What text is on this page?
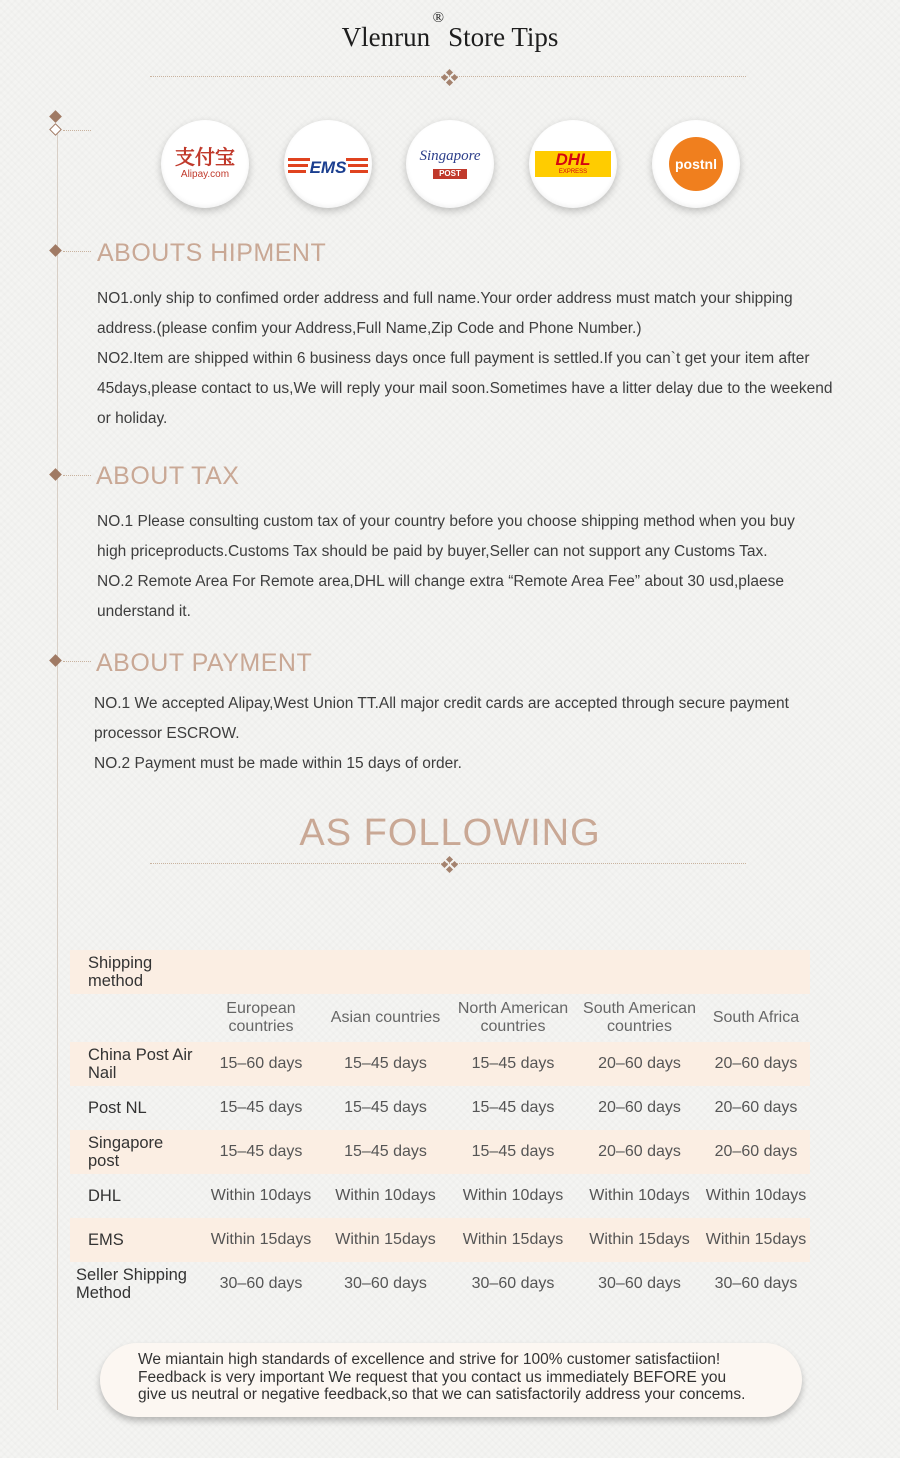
Vlenrun
®
Store Tips
支付宝
Alipay.com	EMS
Singapore
POST
DHL
EXPRESS	postnl
ABOUTS HIPMENT
NO1.only ship to confimed order address and full name.Your order address must match your shipping
address.(please confim your Address,Full Name,Zip Code and Phone Number.)
NO2.Item are shipped within 6 business days once full payment is settled.If you can`t get your item after
45days,please contact to us,We will reply your mail soon.Sometimes have a litter delay due to the weekend
or holiday.
ABOUT TAX
NO.1 Please consulting custom tax of your country before you choose shipping method when you buy
high priceproducts.Customs Tax should be paid by buyer,Seller can not support any Customs Tax.
NO.2 Remote Area For Remote area,DHL will change extra “Remote Area Fee” about 30 usd,plaese
understand it.
ABOUT PAYMENT
NO.1 We accepted Alipay,West Union TT.All major credit cards are accepted through secure payment
processor ESCROW.
NO.2 Payment must be made within 15 days of order.
AS FOLLOWING
Shipping method					
	European countries	Asian countries	North American countries	South American countries	South Africa
China Post Air Nail	15–60 days	15–45 days	15–45 days	20–60 days	20–60 days
Post NL	15–45 days	15–45 days	15–45 days	20–60 days	20–60 days
Singapore post	15–45 days	15–45 days	15–45 days	20–60 days	20–60 days
DHL	Within 10days	Within 10days	Within 10days	Within 10days	Within 10days
EMS	Within 15days	Within 15days	Within 15days	Within 15days	Within 15days
Seller Shipping Method	30–60 days	30–60 days	30–60 days	30–60 days	30–60 days
We miantain high standards of excellence and strive for 100% customer satisfactiion!
Feedback is very important We request that you contact us immediately BEFORE you
give us neutral or negative feedback,so that we can satisfactorily address your concems.
